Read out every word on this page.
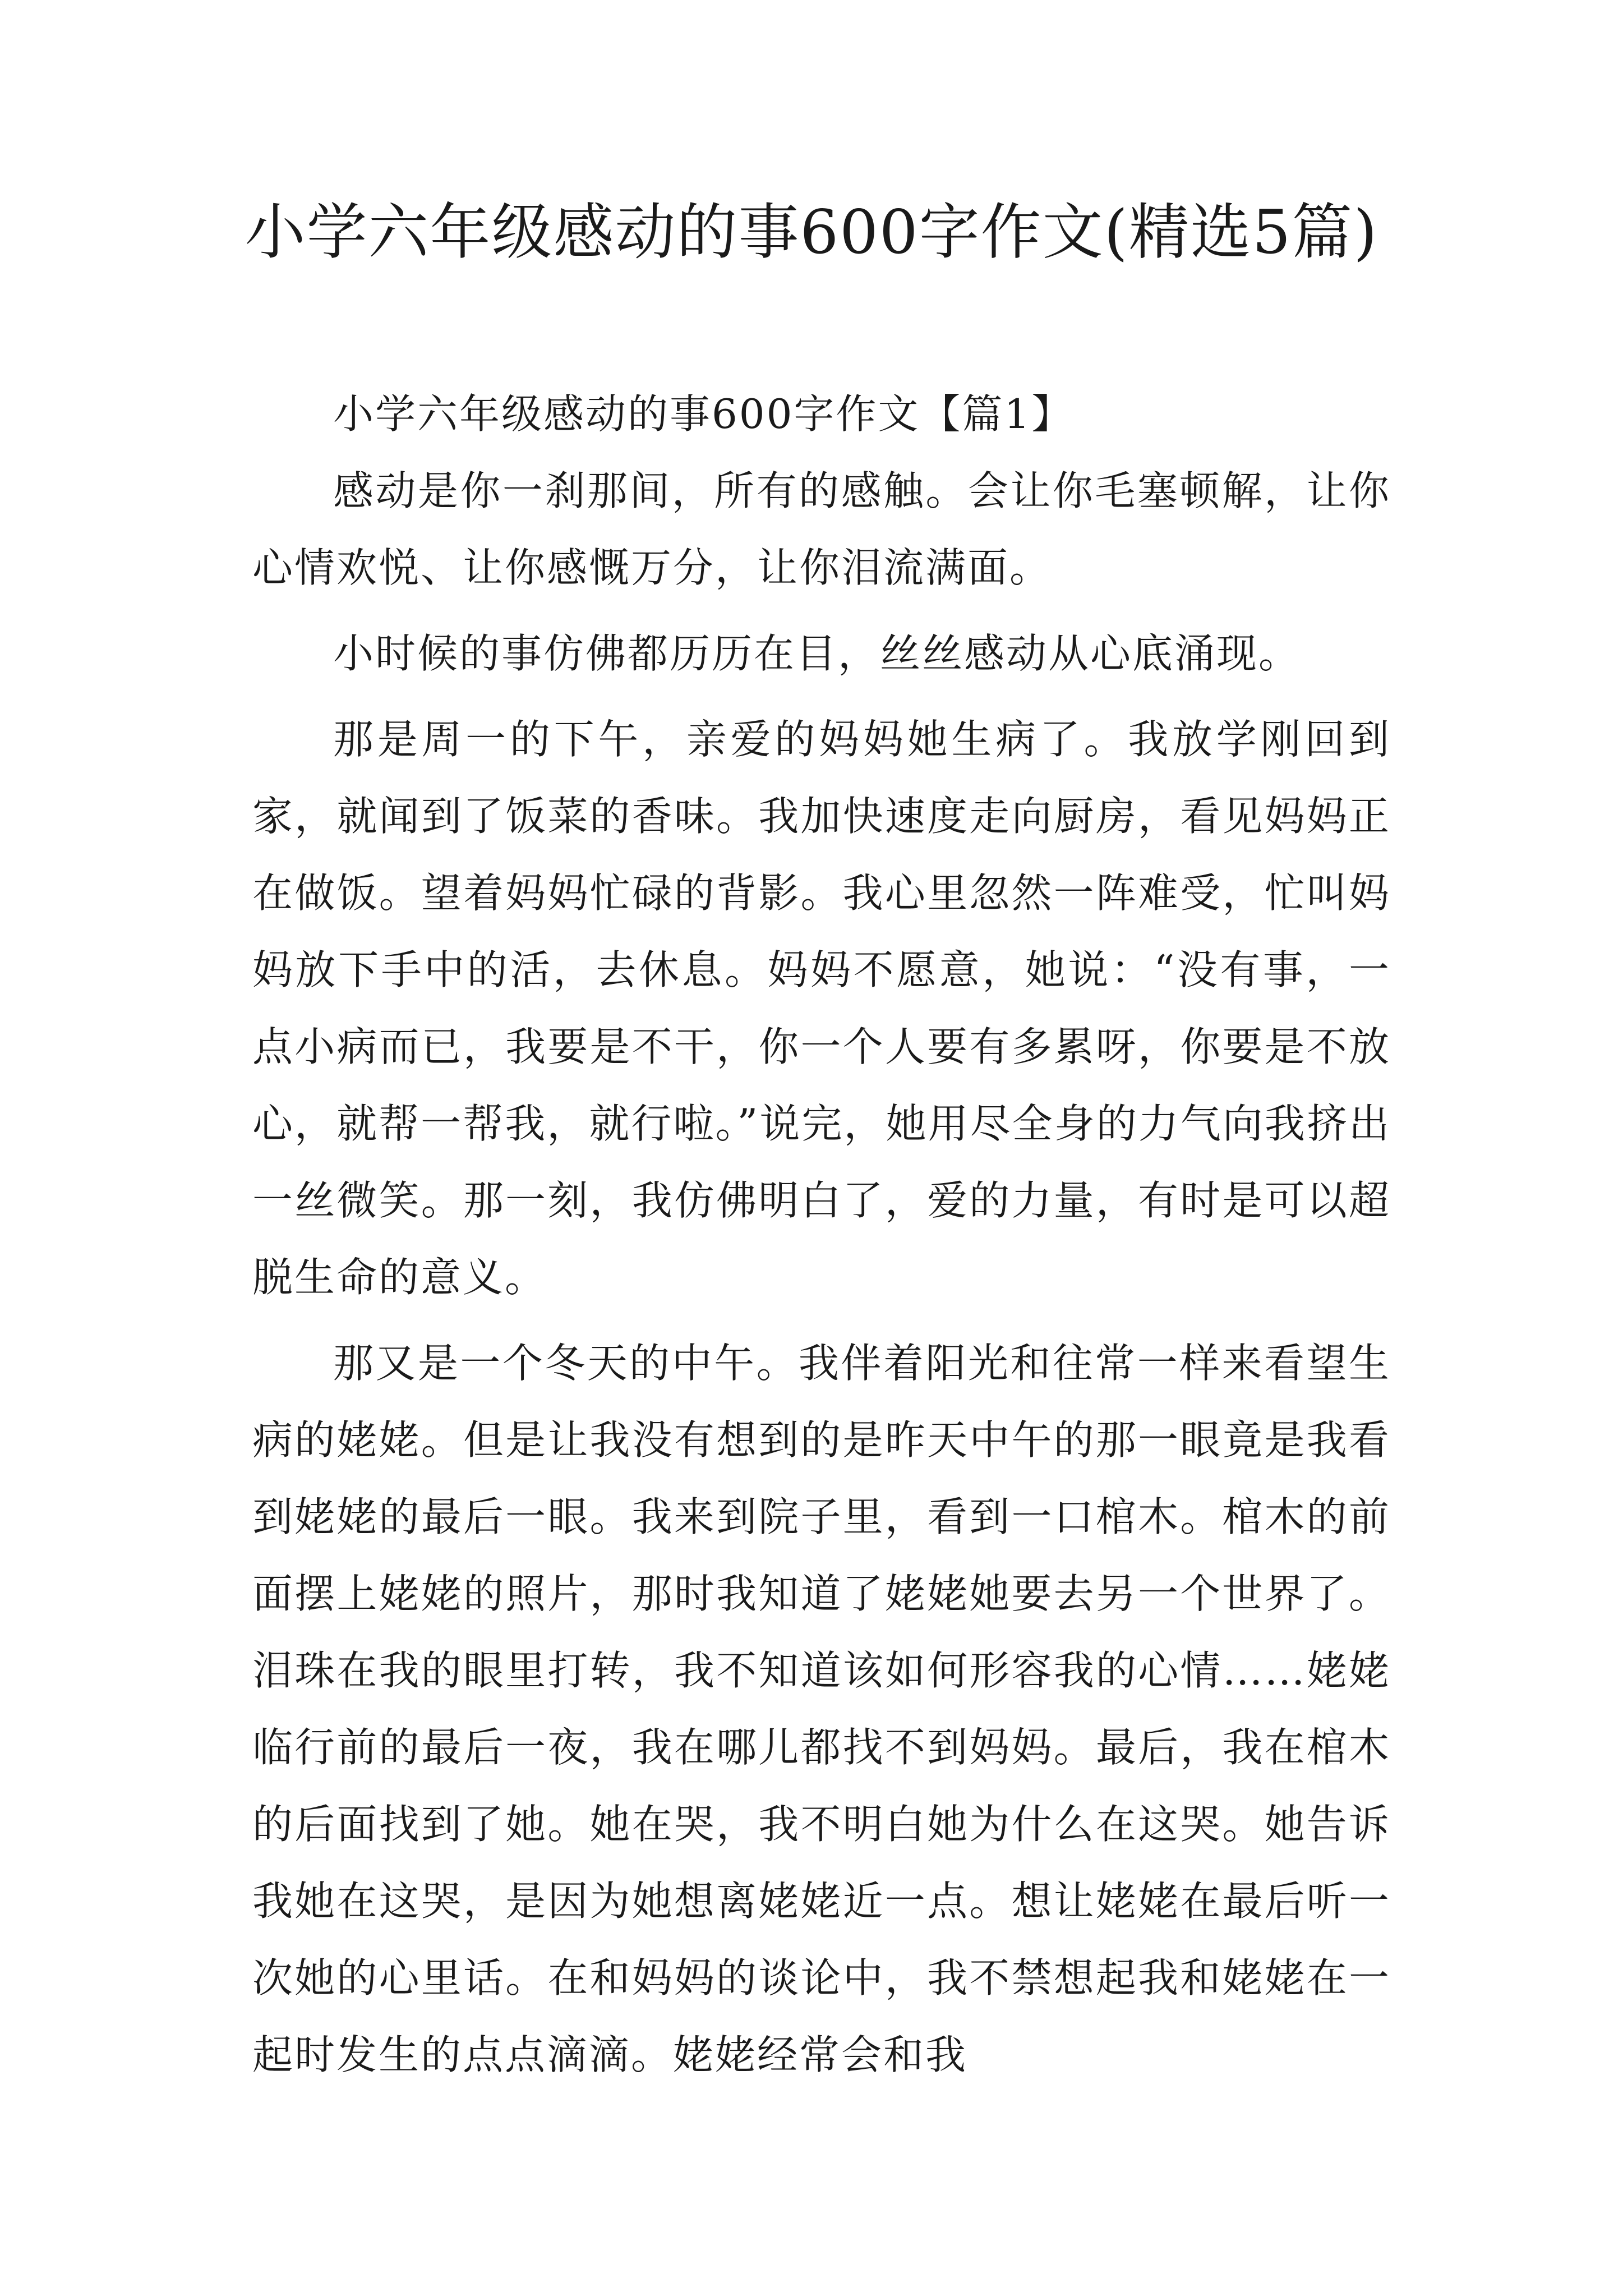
小学六年级感动的事600字作文(精选5篇)

小学六年级感动的事600字作文【篇1】

感动是你一刹那间，所有的感触。会让你毛塞顿解，让你心情欢悦、让你感慨万分，让你泪流满面。

小时候的事仿佛都历历在目，丝丝感动从心底涌现。

那是周一的下午，亲爱的妈妈她生病了。我放学刚回到家，就闻到了饭菜的香味。我加快速度走向厨房，看见妈妈正在做饭。望着妈妈忙碌的背影。我心里忽然一阵难受，忙叫妈妈放下手中的活，去休息。妈妈不愿意，她说：“没有事，一点小病而已，我要是不干，你一个人要有多累呀，你要是不放心，就帮一帮我，就行啦。”说完，她用尽全身的力气向我挤出一丝微笑。那一刻，我仿佛明白了，爱的力量，有时是可以超脱生命的意义。

那又是一个冬天的中午。我伴着阳光和往常一样来看望生病的姥姥。但是让我没有想到的是昨天中午的那一眼竟是我看到姥姥的最后一眼。我来到院子里，看到一口棺木。棺木的前面摆上姥姥的照片，那时我知道了姥姥她要去另一个世界了。泪珠在我的眼里打转，我不知道该如何形容我的心情……姥姥临行前的最后一夜，我在哪儿都找不到妈妈。最后，我在棺木的后面找到了她。她在哭，我不明白她为什么在这哭。她告诉我她在这哭，是因为她想离姥姥近一点。想让姥姥在最后听一次她的心里话。在和妈妈的谈论中，我不禁想起我和姥姥在一起时发生的点点滴滴。姥姥经常会和我
